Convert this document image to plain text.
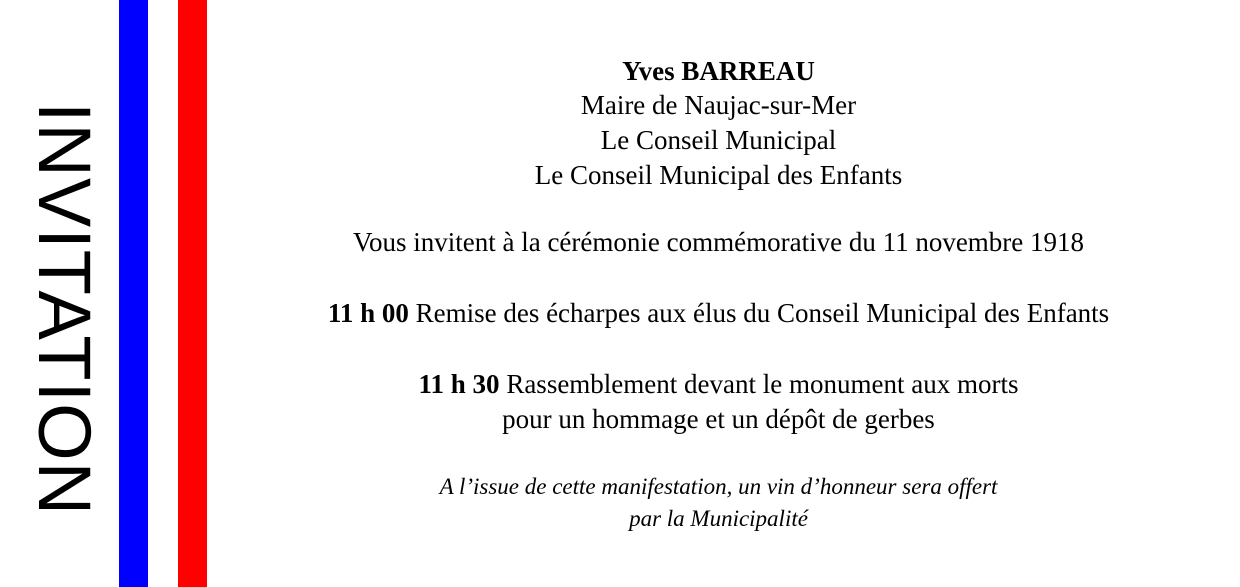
INVITATION
Yves BARREAU
Maire de Naujac-sur-Mer
Le Conseil Municipal
Le Conseil Municipal des Enfants
Vous invitent à la cérémonie commémorative du 11 novembre 1918
11 h 00 Remise des écharpes aux élus du Conseil Municipal des Enfants
11 h 30 Rassemblement devant le monument aux morts
pour un hommage et un dépôt de gerbes
A l’issue de cette manifestation, un vin d’honneur sera offert
par la Municipalité
